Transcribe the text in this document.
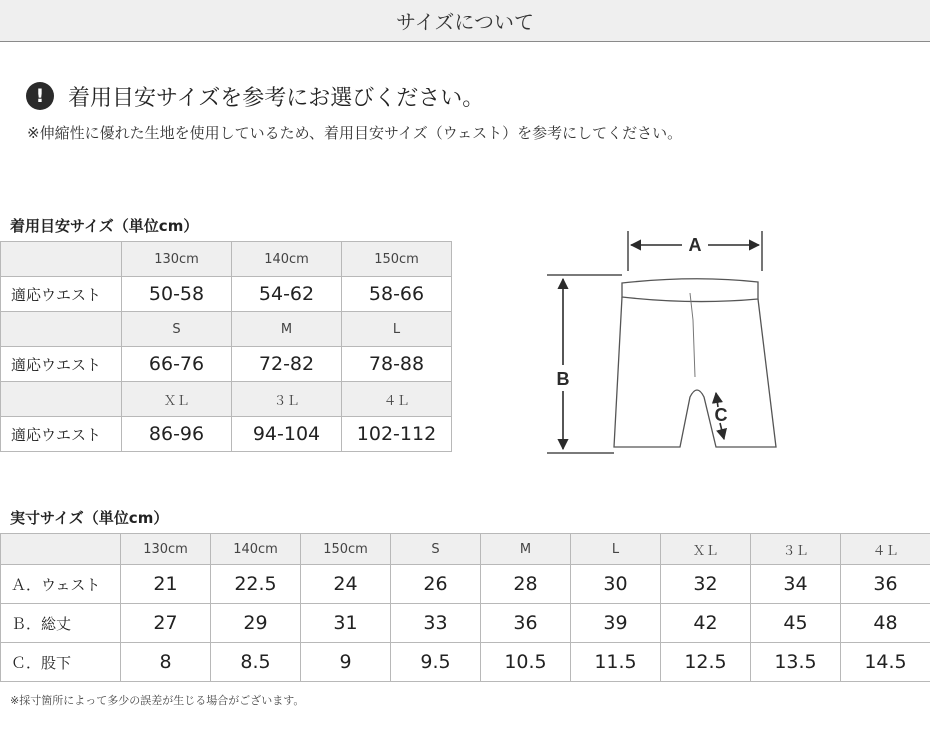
サイズについて
!	着用目安サイズを参考にお選びください。
※伸縮性に優れた生地を使用しているため、着用目安サイズ（ウェスト）を参考にしてください。
着用目安サイズ（単位cm）
	130cm	140cm	150cm
適応ウエスト	50-58	54-62	58-66
	S	M	L
適応ウエスト	66-76	72-82	78-88
	ＸＬ	３Ｌ	４Ｌ
適応ウエスト	86-96	94-104	102-112
A
B
C
実寸サイズ（単位cm）
	130cm	140cm	150cm	S	M	L	ＸＬ	３Ｌ	４Ｌ
Ａ．ウェスト	21	22.5	24	26	28	30	32	34	36
Ｂ．総丈	27	29	31	33	36	39	42	45	48
Ｃ．股下	8	8.5	9	9.5	10.5	11.5	12.5	13.5	14.5
※採寸箇所によって多少の誤差が生じる場合がございます。
